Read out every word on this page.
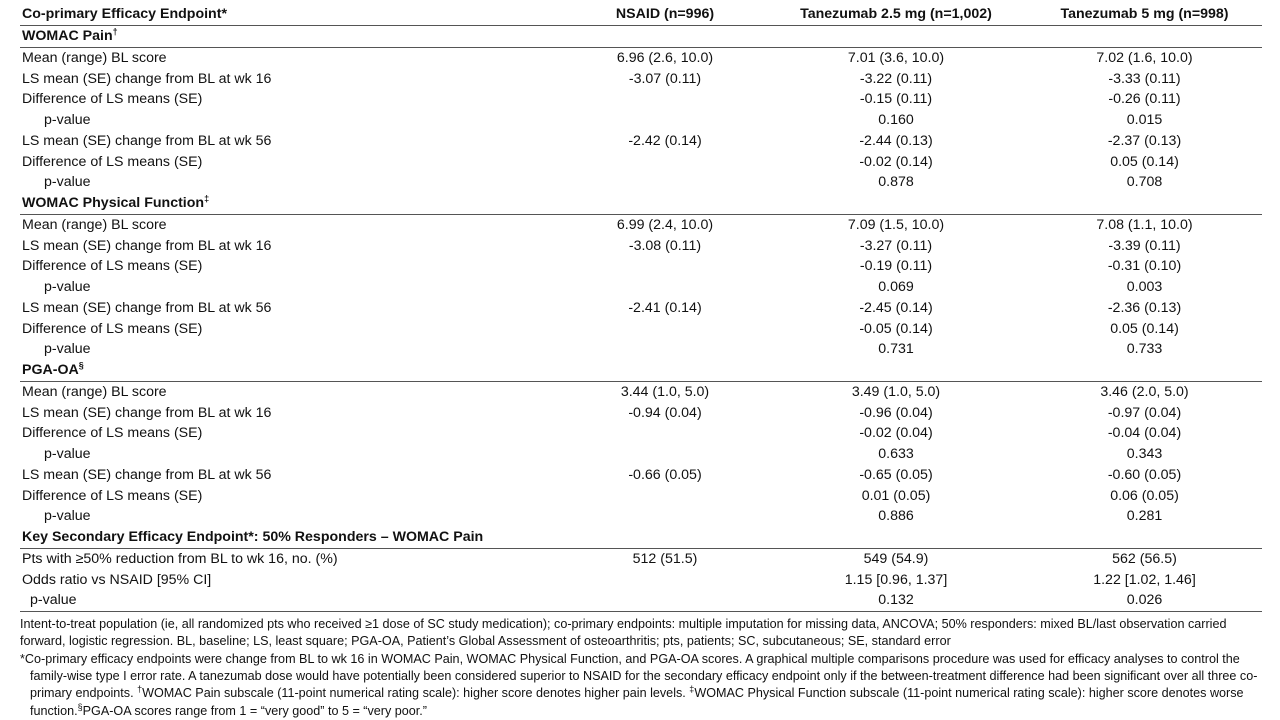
Co-primary Efficacy Endpoint*	NSAID (n=996)	Tanezumab 2.5 mg (n=1,002)	Tanezumab 5 mg (n=998)
WOMAC Pain†
Mean (range) BL score	6.96 (2.6, 10.0)	7.01 (3.6, 10.0)	7.02 (1.6, 10.0)
LS mean (SE) change from BL at wk 16	-3.07 (0.11)	-3.22 (0.11)	-3.33 (0.11)
Difference of LS means (SE)		-0.15 (0.11)	-0.26 (0.11)
p-value		0.160	0.015
LS mean (SE) change from BL at wk 56	-2.42 (0.14)	-2.44 (0.13)	-2.37 (0.13)
Difference of LS means (SE)		-0.02 (0.14)	0.05 (0.14)
p-value		0.878	0.708
WOMAC Physical Function‡
Mean (range) BL score	6.99 (2.4, 10.0)	7.09 (1.5, 10.0)	7.08 (1.1, 10.0)
LS mean (SE) change from BL at wk 16	-3.08 (0.11)	-3.27 (0.11)	-3.39 (0.11)
Difference of LS means (SE)		-0.19 (0.11)	-0.31 (0.10)
p-value		0.069	0.003
LS mean (SE) change from BL at wk 56	-2.41 (0.14)	-2.45 (0.14)	-2.36 (0.13)
Difference of LS means (SE)		-0.05 (0.14)	0.05 (0.14)
p-value		0.731	0.733
PGA-OA§
Mean (range) BL score	3.44 (1.0, 5.0)	3.49 (1.0, 5.0)	3.46 (2.0, 5.0)
LS mean (SE) change from BL at wk 16	-0.94 (0.04)	-0.96 (0.04)	-0.97 (0.04)
Difference of LS means (SE)		-0.02 (0.04)	-0.04 (0.04)
p-value		0.633	0.343
LS mean (SE) change from BL at wk 56	-0.66 (0.05)	-0.65 (0.05)	-0.60 (0.05)
Difference of LS means (SE)		0.01 (0.05)	0.06 (0.05)
p-value		0.886	0.281
Key Secondary Efficacy Endpoint*: 50% Responders – WOMAC Pain			
Pts with ≥50% reduction from BL to wk 16, no. (%)	512 (51.5)	549 (54.9)	562 (56.5)
Odds ratio vs NSAID [95% CI]		1.15 [0.96, 1.37]	1.22 [1.02, 1.46]
p-value		0.132	0.026

Intent-to-treat population (ie, all randomized pts who received ≥1 dose of SC study medication); co-primary endpoints: multiple imputation for missing data, ANCOVA; 50% responders: mixed BL/last observation carried forward, logistic regression. BL, baseline; LS, least square; PGA-OA, Patient’s Global Assessment of osteoarthritis; pts, patients; SC, subcutaneous; SE, standard error

*Co-primary efficacy endpoints were change from BL to wk 16 in WOMAC Pain, WOMAC Physical Function, and PGA-OA scores. A graphical multiple comparisons procedure was used for efficacy analyses to control the family-wise type I error rate. A tanezumab dose would have potentially been considered superior to NSAID for the secondary efficacy endpoint only if the between-treatment difference had been significant over all three co-primary endpoints. †WOMAC Pain subscale (11-point numerical rating scale): higher score denotes higher pain levels. ‡WOMAC Physical Function subscale (11-point numerical rating scale): higher score denotes worse function.§PGA-OA scores range from 1 = “very good” to 5 = “very poor.”
